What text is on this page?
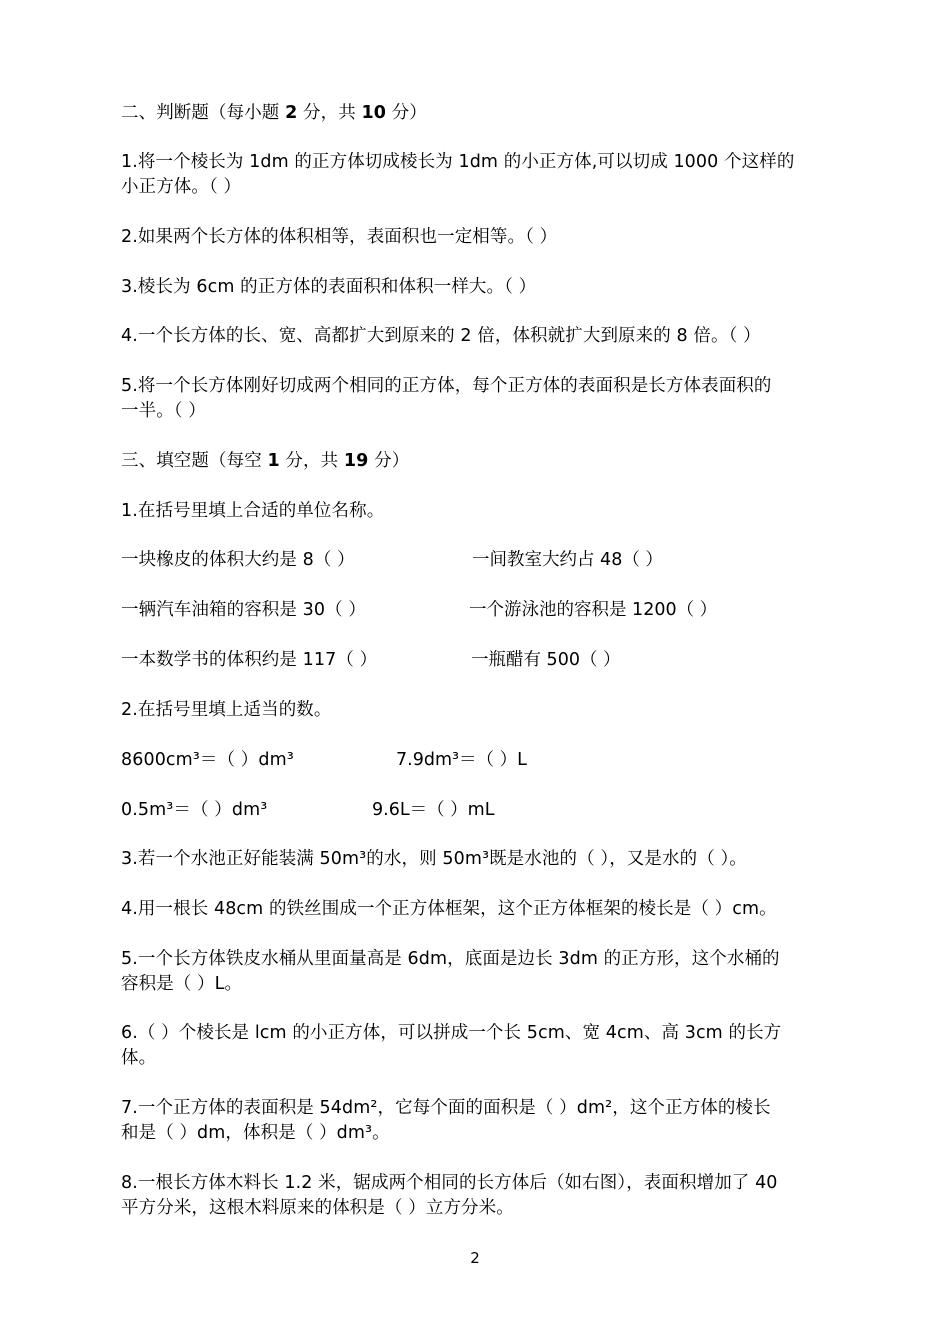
二、判断题（每小题 2 分，共 10 分）
1.将一个棱长为 1dm 的正方体切成棱长为 1dm 的小正方体,可以切成 1000 个这样的
小正方体。（ ）
2.如果两个长方体的体积相等，表面积也一定相等。（ ）
3.棱长为 6cm 的正方体的表面积和体积一样大。（ ）
4.一个长方体的长、宽、高都扩大到原来的 2 倍，体积就扩大到原来的 8 倍。（ ）
5.将一个长方体刚好切成两个相同的正方体，每个正方体的表面积是长方体表面积的
一半。（ ）
三、填空题（每空 1 分，共 19 分）
1.在括号里填上合适的单位名称。
一块橡皮的体积大约是 8（ ）	一间教室大约占 48（ ）
一辆汽车油箱的容积是 30（ ）	一个游泳池的容积是 1200（ ）
一本数学书的体积约是 117（ ）	一瓶醋有 500（ ）
2.在括号里填上适当的数。
8600cm³＝（ ）dm³	7.9dm³＝（ ）L
0.5m³＝（ ）dm³	9.6L＝（ ）mL
3.若一个水池正好能装满 50m³的水，则 50m³既是水池的（ ），又是水的（ ）。
4.用一根长 48cm 的铁丝围成一个正方体框架，这个正方体框架的棱长是（ ）cm。
5.一个长方体铁皮水桶从里面量高是 6dm，底面是边长 3dm 的正方形，这个水桶的
容积是（ ）L。
6.（ ）个棱长是 lcm 的小正方体，可以拼成一个长 5cm、宽 4cm、高 3cm 的长方
体。
7.一个正方体的表面积是 54dm²，它每个面的面积是（ ）dm²，这个正方体的棱长
和是（ ）dm，体积是（ ）dm³。
8.一根长方体木料长 1.2 米，锯成两个相同的长方体后（如右图），表面积增加了 40
平方分米，这根木料原来的体积是（ ）立方分米。
2
